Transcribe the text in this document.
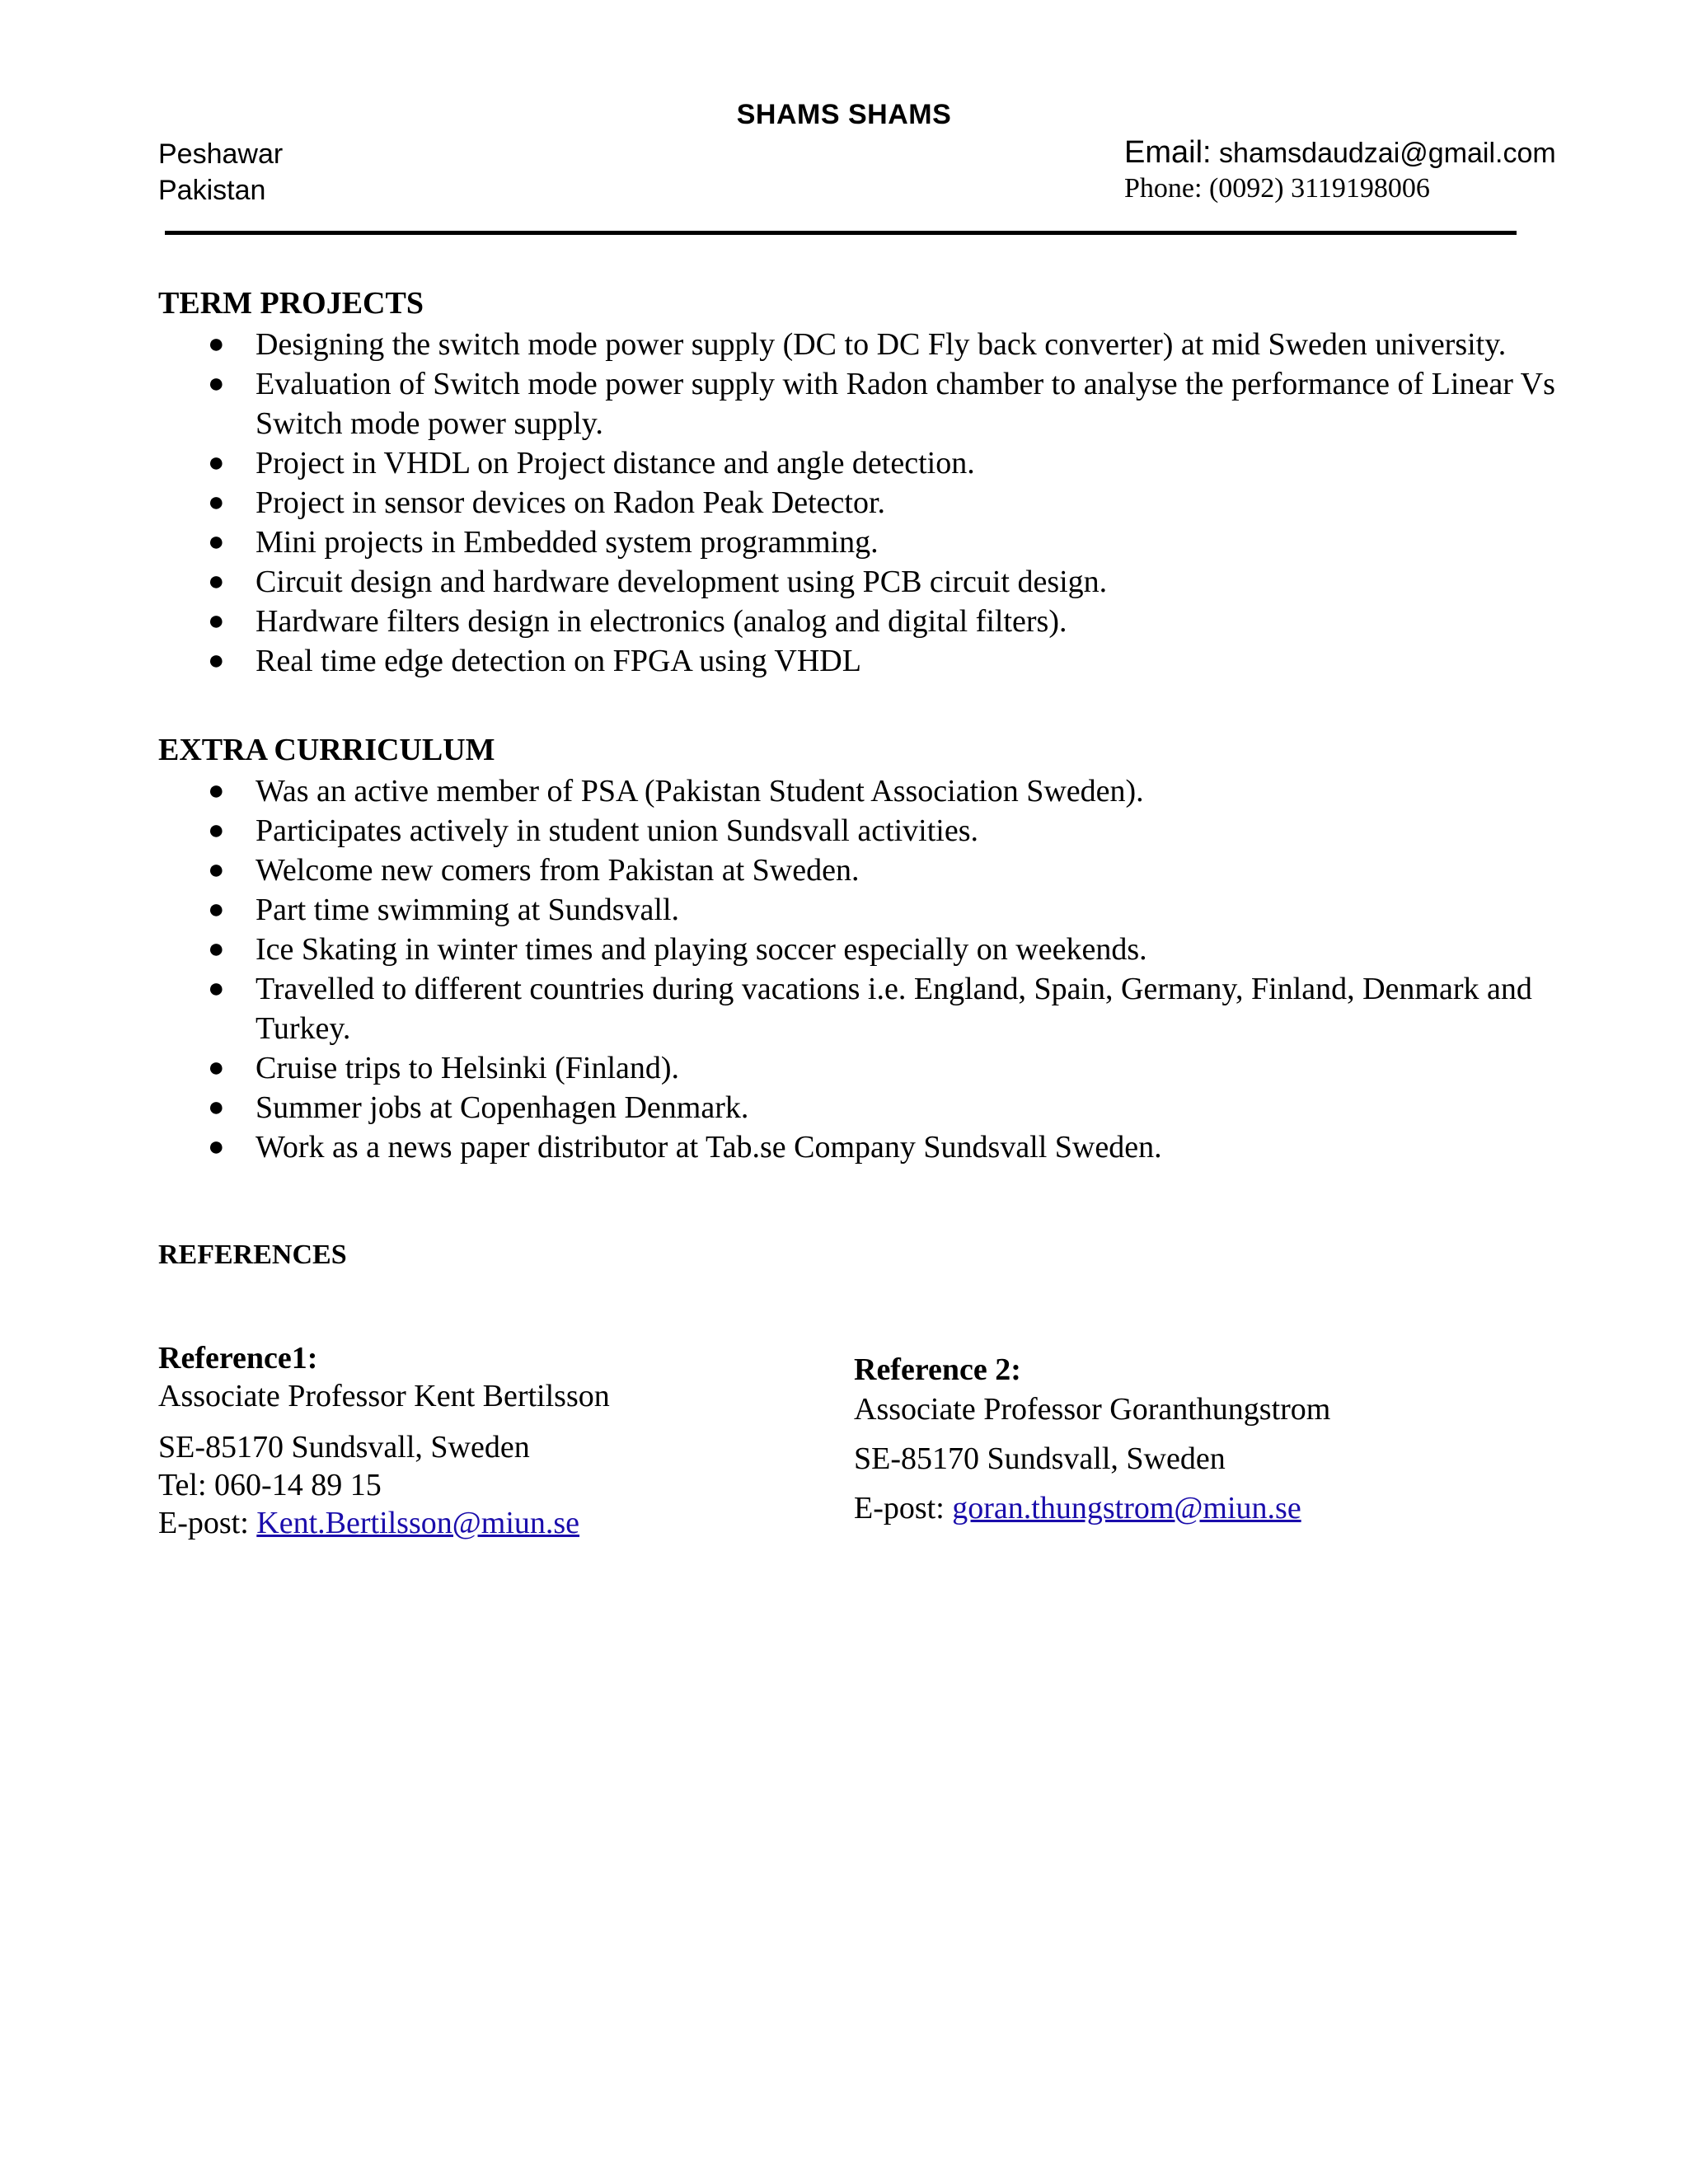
SHAMS SHAMS
Peshawar
Pakistan
Email: shamsdaudzai@gmail.com
Phone: (0092) 3119198006
TERM PROJECTS
● Designing the switch mode power supply (DC to DC Fly back converter) at mid Sweden university.
● Evaluation of Switch mode power supply with Radon chamber to analyse the performance of Linear Vs Switch mode power supply.
● Project in VHDL on Project distance and angle detection.
● Project in sensor devices on Radon Peak Detector.
● Mini projects in Embedded system programming.
● Circuit design and hardware development using PCB circuit design.
● Hardware filters design in electronics (analog and digital filters).
● Real time edge detection on FPGA using VHDL
EXTRA CURRICULUM
● Was an active member of PSA (Pakistan Student Association Sweden).
● Participates actively in student union Sundsvall activities.
● Welcome new comers from Pakistan at Sweden.
● Part time swimming at Sundsvall.
● Ice Skating in winter times and playing soccer especially on weekends.
● Travelled to different countries during vacations i.e. England, Spain, Germany, Finland, Denmark and Turkey.
● Cruise trips to Helsinki (Finland).
● Summer jobs at Copenhagen Denmark.
● Work as a news paper distributor at Tab.se Company Sundsvall Sweden.
REFERENCES
Reference1:
Associate Professor Kent Bertilsson
SE-85170 Sundsvall, Sweden
Tel: 060-14 89 15
E-post: Kent.Bertilsson@miun.se
Reference 2:
Associate Professor Goranthungstrom
SE-85170 Sundsvall, Sweden
E-post: goran.thungstrom@miun.se
